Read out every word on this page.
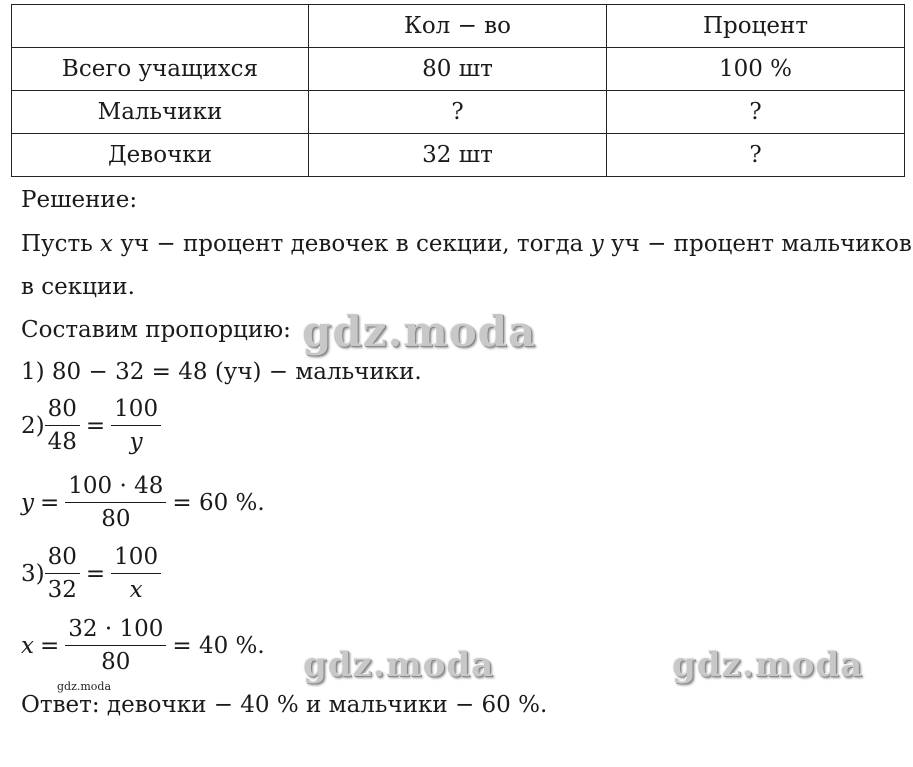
	Кол − во	Процент
Всего учащихся	80 шт	100 %
Мальчики	?	?
Девочки	32 шт	?
Решение:
Пусть x уч − процент девочек в секции, тогда y уч − процент мальчиков
в секции.
Составим пропорцию:
1) 80 − 32 = 48 (уч) − мальчики.
$2) \frac{80}{48} = \frac{100}{y}$
$y = \frac{100 \cdot 48}{80} = 60$ %.
$3) \frac{80}{32} = \frac{100}{x}$
$x = \frac{32 \cdot 100}{80} = 40$ %.
Ответ: девочки − 40 % и мальчики − 60 %.
gdz.moda
gdz.moda	gdz.moda
gdz.moda
